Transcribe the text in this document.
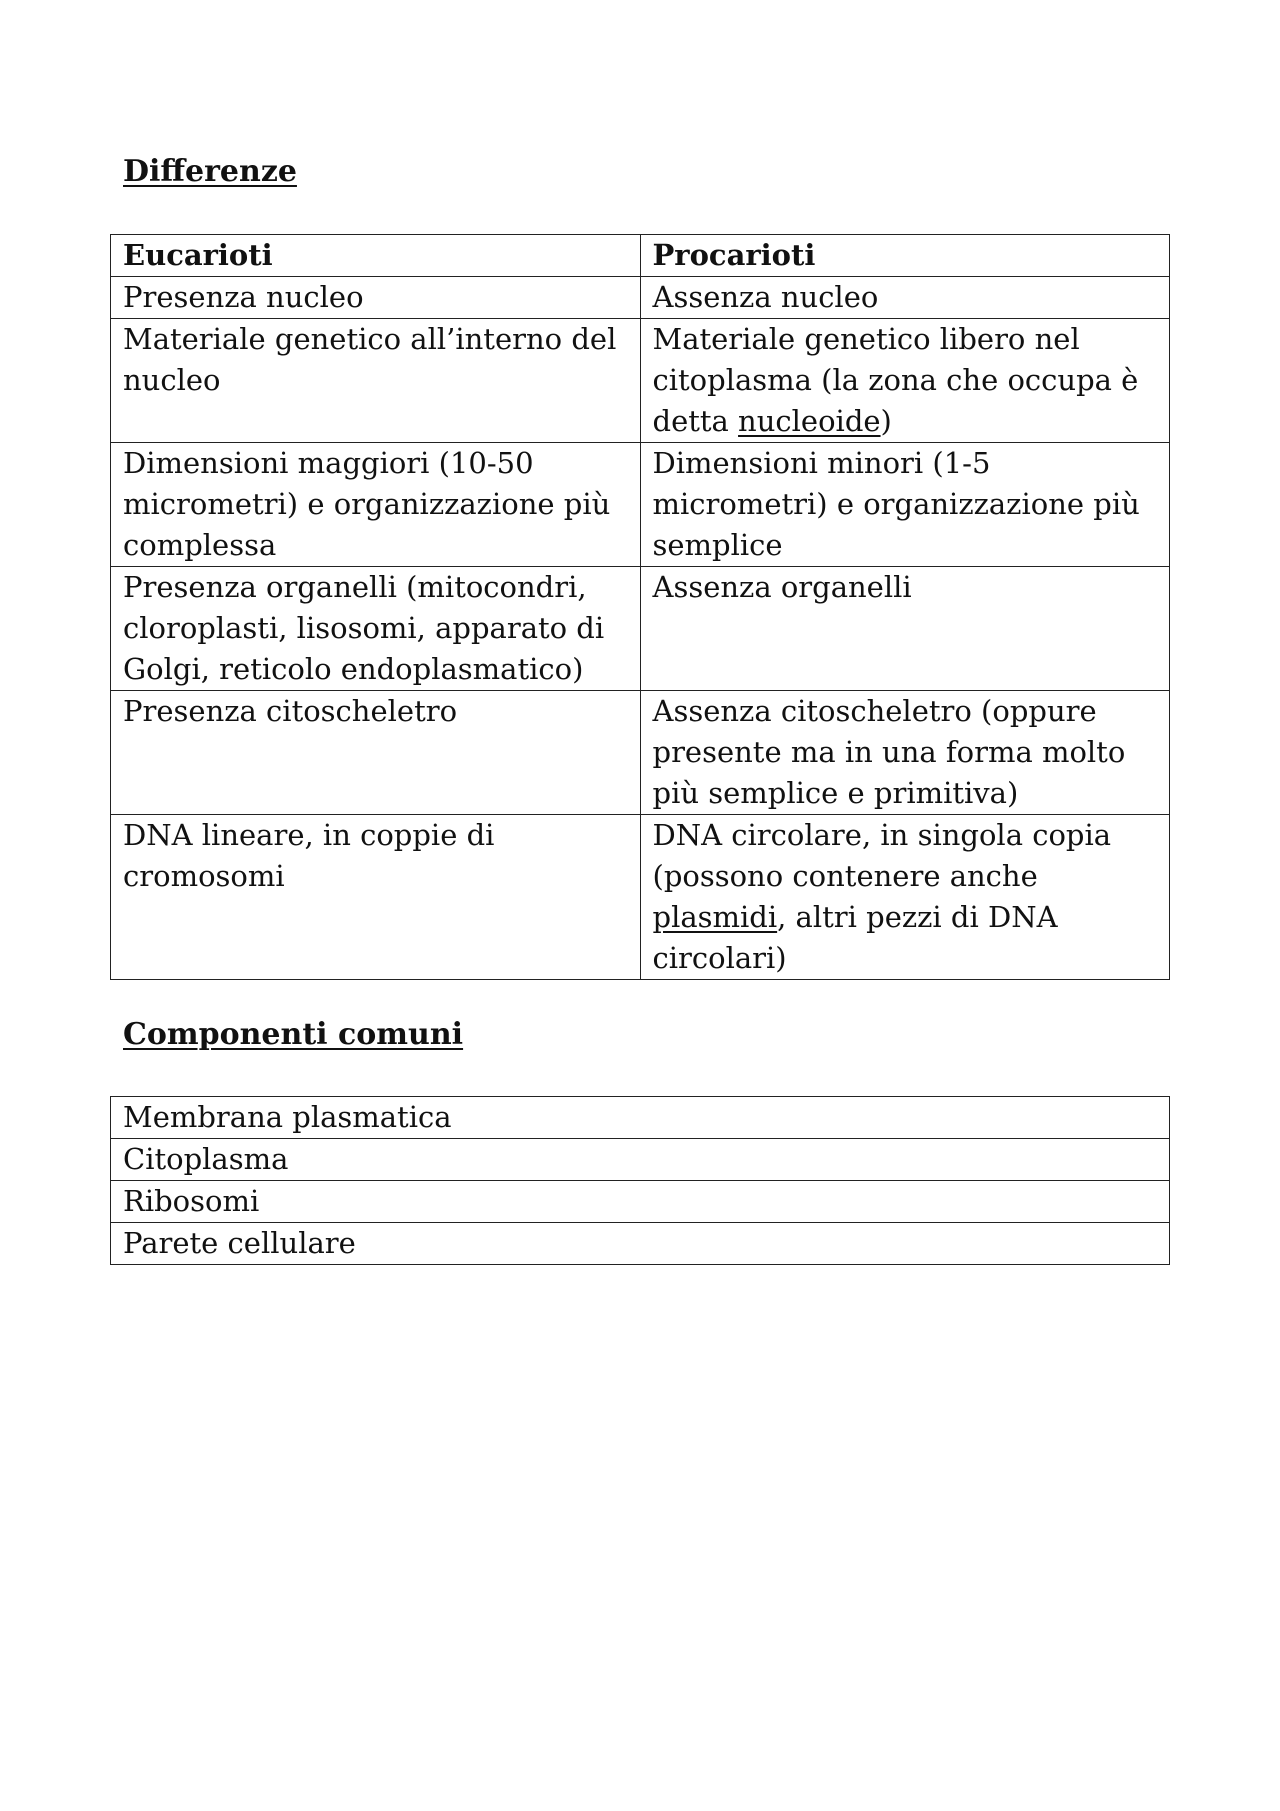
Differenze
Eucarioti	Procarioti
Presenza nucleo	Assenza nucleo
Materiale genetico all’interno del nucleo	Materiale genetico libero nel citoplasma (la zona che occupa è detta nucleoide)
Dimensioni maggiori (10-50 micrometri) e organizzazione più complessa	Dimensioni minori (1-5 micrometri) e organizzazione più semplice
Presenza organelli (mitocondri, cloroplasti, lisosomi, apparato di Golgi, reticolo endoplasmatico)	Assenza organelli
Presenza citoscheletro	Assenza citoscheletro (oppure presente ma in una forma molto più semplice e primitiva)
DNA lineare, in coppie di cromosomi	DNA circolare, in singola copia (possono contenere anche plasmidi, altri pezzi di DNA circolari)
Componenti comuni
Membrana plasmatica
Citoplasma
Ribosomi
Parete cellulare
